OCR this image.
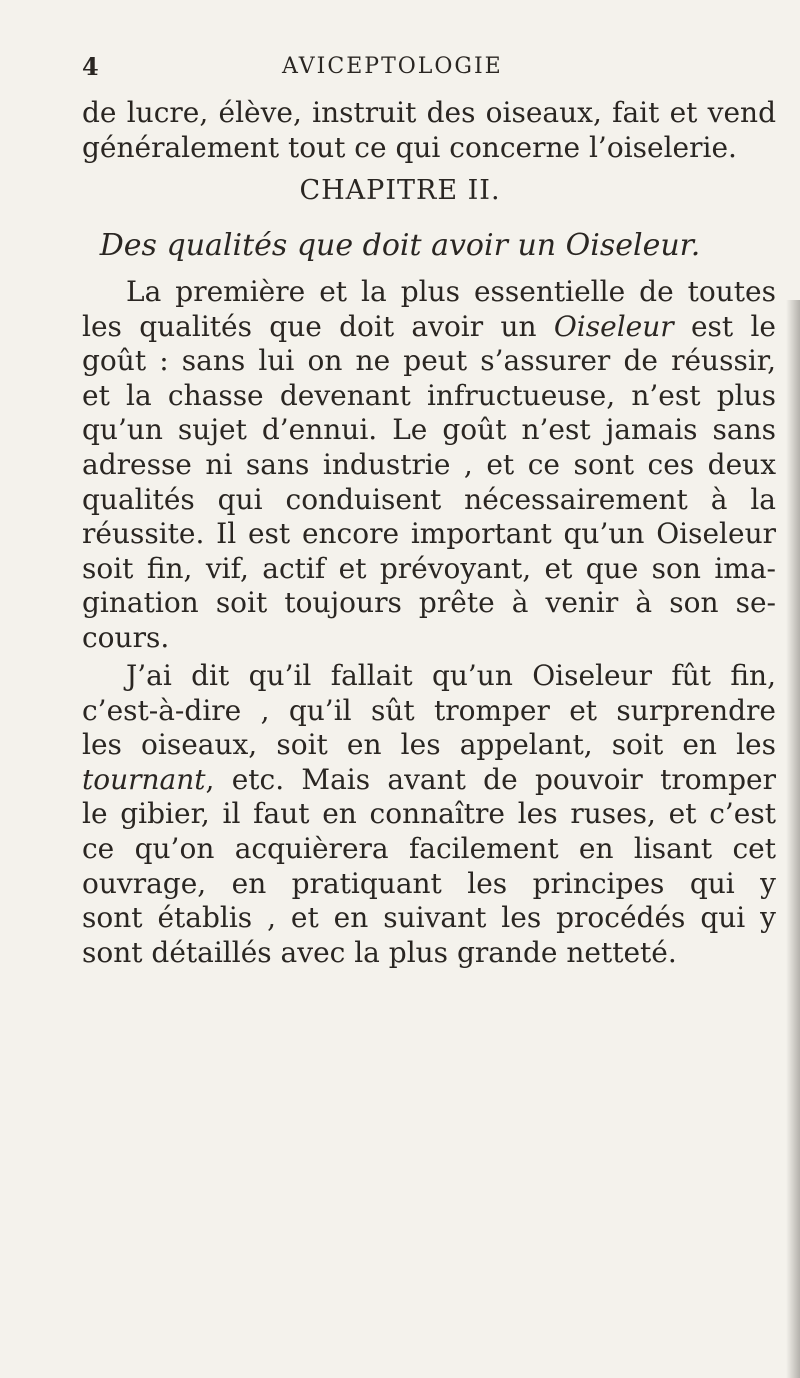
4	AVICEPTOLOGIE
de lucre, élève, instruit des oiseaux, fait et vend
généralement tout ce qui concerne l’oiselerie.
CHAPITRE II.
Des qualités que doit avoir un Oiseleur.
La première et la plus essentielle de toutes
les qualités que doit avoir un Oiseleur est le
goût : sans lui on ne peut s’assurer de réussir,
et la chasse devenant infructueuse, n’est plus
qu’un sujet d’ennui. Le goût n’est jamais sans
adresse ni sans industrie , et ce sont ces deux
qualités qui conduisent nécessairement à la
réussite. Il est encore important qu’un Oiseleur
soit fin, vif, actif et prévoyant, et que son ima-
gination soit toujours prête à venir à son se-
cours.
J’ai dit qu’il fallait qu’un Oiseleur fût fin,
c’est-à-dire , qu’il sût tromper et surprendre
les oiseaux, soit en les appelant, soit en les
tournant, etc. Mais avant de pouvoir tromper
le gibier, il faut en connaître les ruses, et c’est
ce qu’on acquièrera facilement en lisant cet
ouvrage, en pratiquant les principes qui y
sont établis , et en suivant les procédés qui y
sont détaillés avec la plus grande netteté.
